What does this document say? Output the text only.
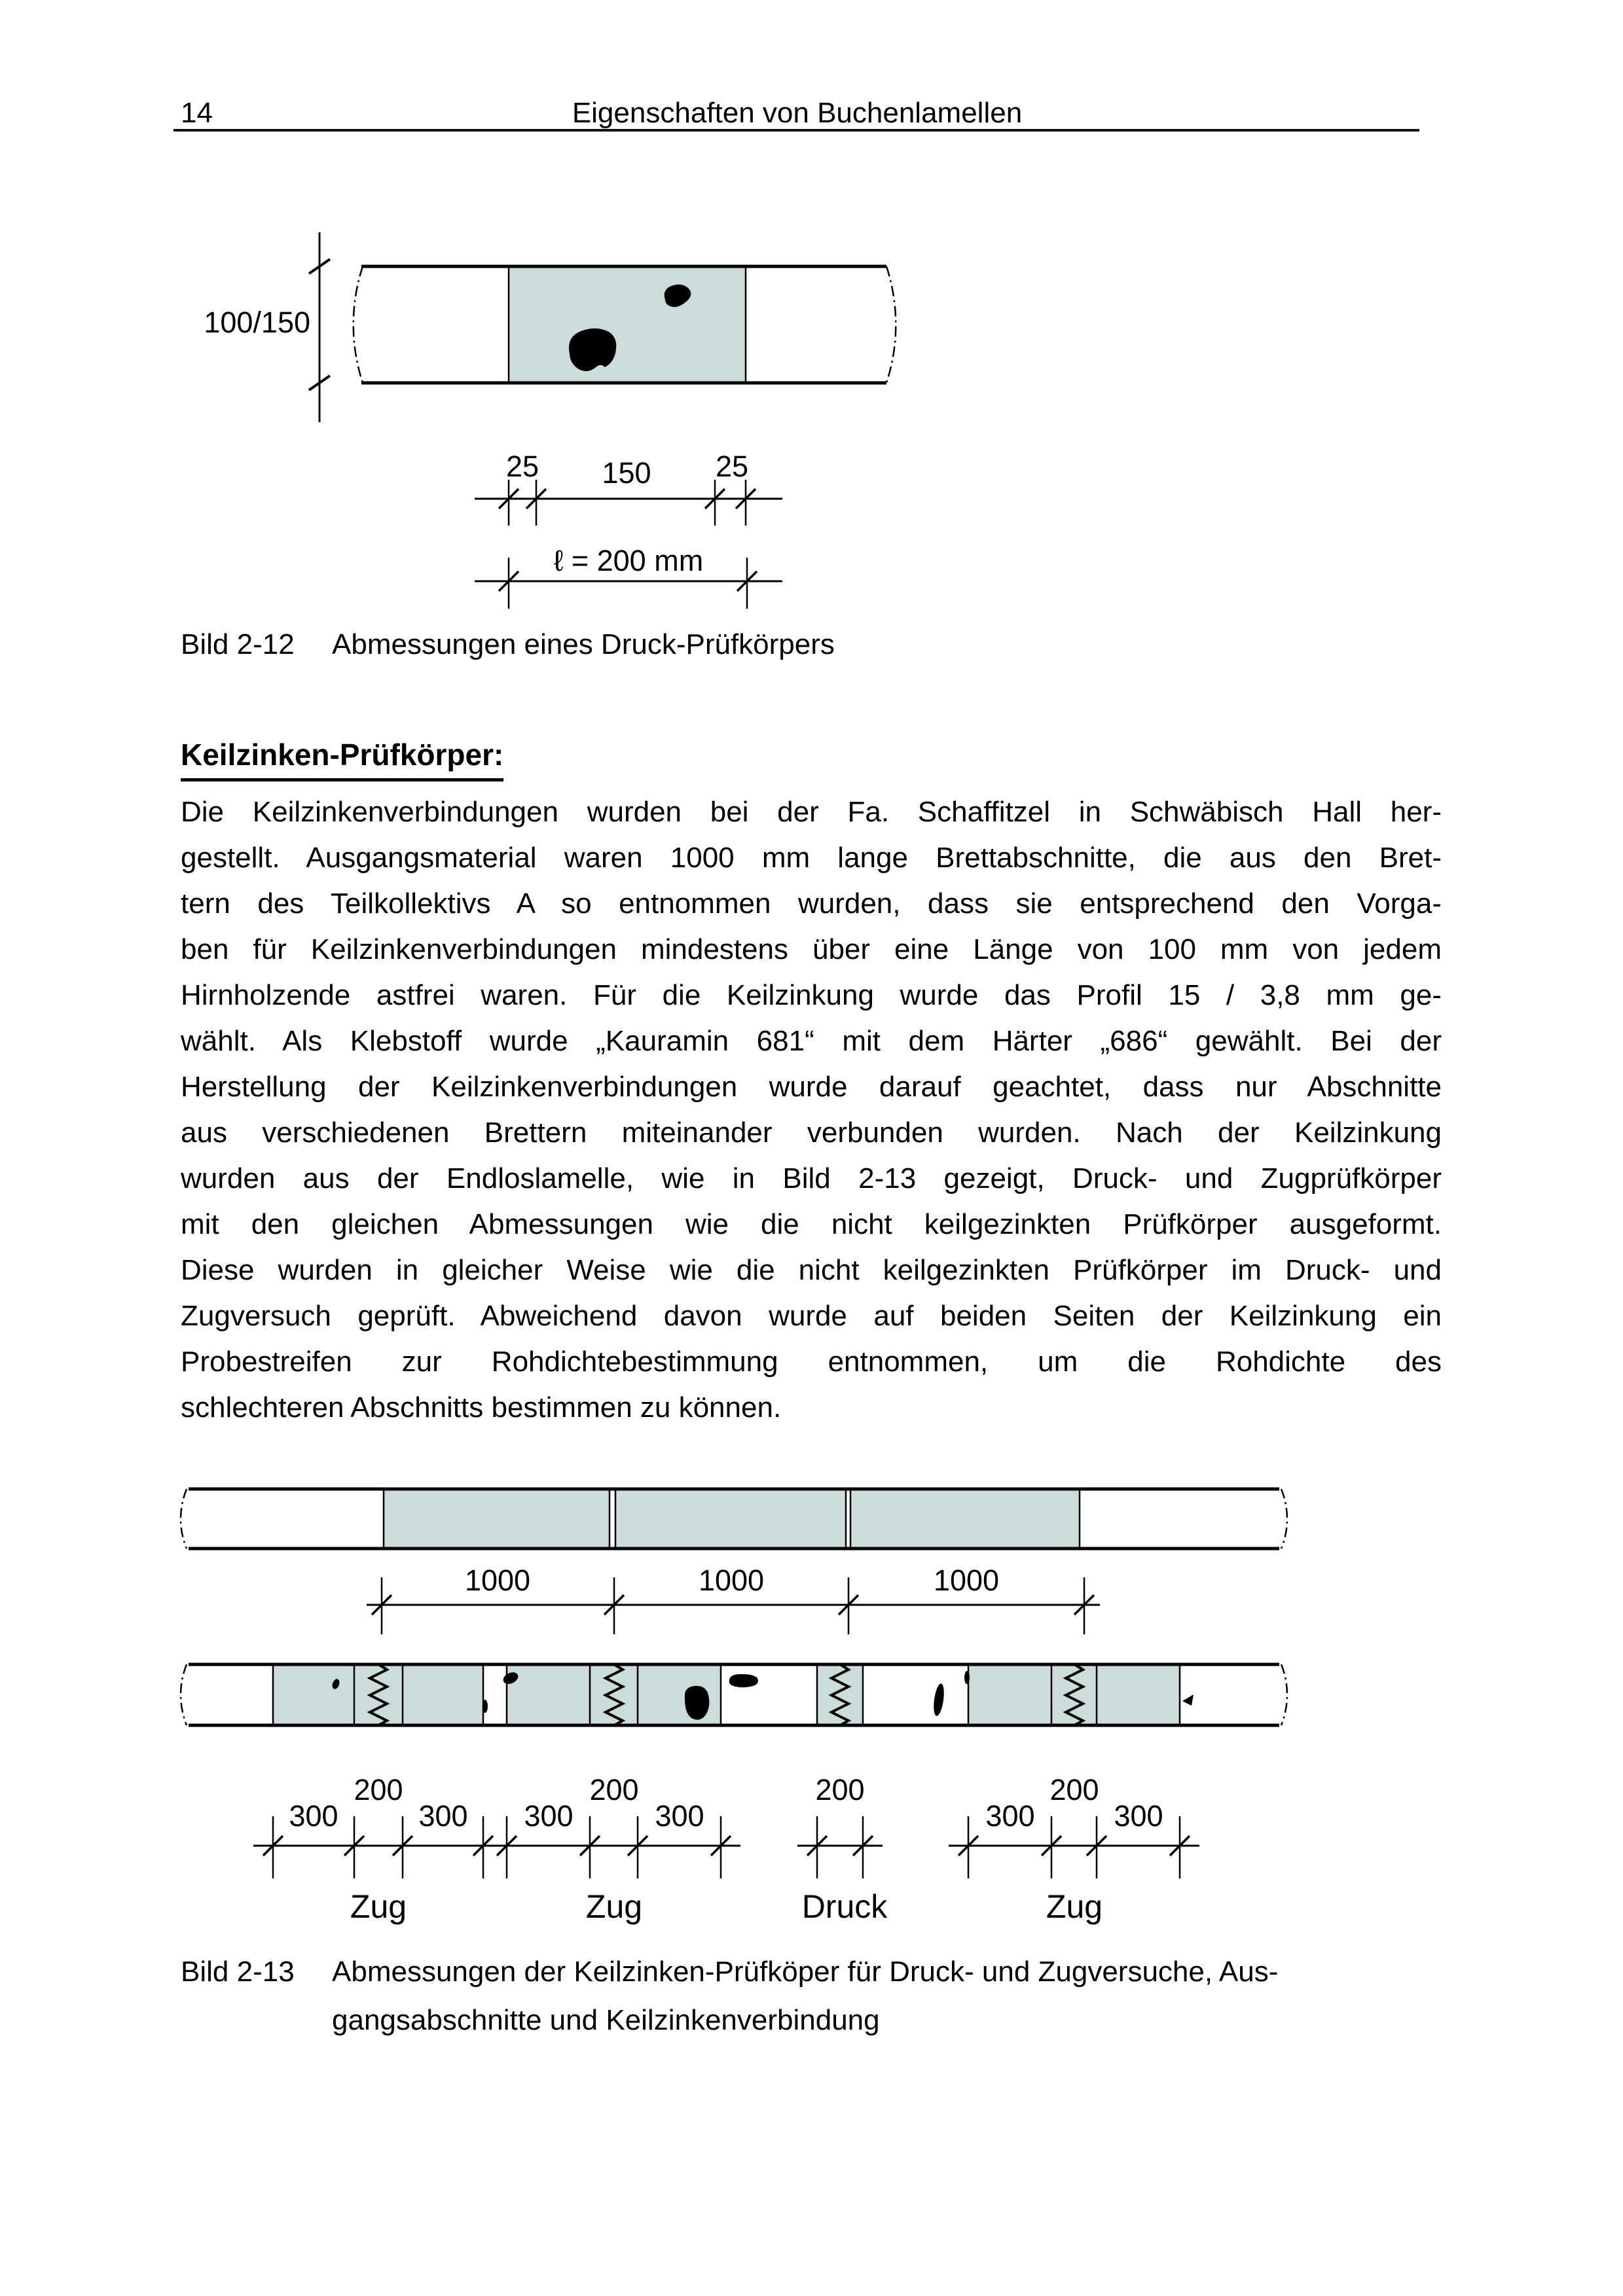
14	Eigenschaften von Buchenlamellen
100/150
25 150 25
ℓ = 200 mm
Bild 2-12 Abmessungen eines Druck-Prüfkörpers
Keilzinken-Prüfkörper:
Die Keilzinkenverbindungen wurden bei der Fa. Schaffitzel in Schwäbisch Hall her-
gestellt. Ausgangsmaterial waren 1000 mm lange Brettabschnitte, die aus den Bret-
tern des Teilkollektivs A so entnommen wurden, dass sie entsprechend den Vorga-
ben für Keilzinkenverbindungen mindestens über eine Länge von 100 mm von jedem
Hirnholzende astfrei waren. Für die Keilzinkung wurde das Profil 15 / 3,8 mm ge-
wählt. Als Klebstoff wurde „Kauramin 681“ mit dem Härter „686“ gewählt. Bei der
Herstellung der Keilzinkenverbindungen wurde darauf geachtet, dass nur Abschnitte
aus verschiedenen Brettern miteinander verbunden wurden. Nach der Keilzinkung
wurden aus der Endloslamelle, wie in Bild 2-13 gezeigt, Druck- und Zugprüfkörper
mit den gleichen Abmessungen wie die nicht keilgezinkten Prüfkörper ausgeformt.
Diese wurden in gleicher Weise wie die nicht keilgezinkten Prüfkörper im Druck- und
Zugversuch geprüft. Abweichend davon wurde auf beiden Seiten der Keilzinkung ein
Probestreifen zur Rohdichtebestimmung entnommen, um die Rohdichte des
schlechteren Abschnitts bestimmen zu können.
1000	1000	1000
300
200
300 300
200
300
200
300
200
300
Zug	Zug	Druck	Zug
Bild 2-13 Abmessungen der Keilzinken-Prüfköper für Druck- und Zugversuche, Aus-
gangsabschnitte und Keilzinkenverbindung
